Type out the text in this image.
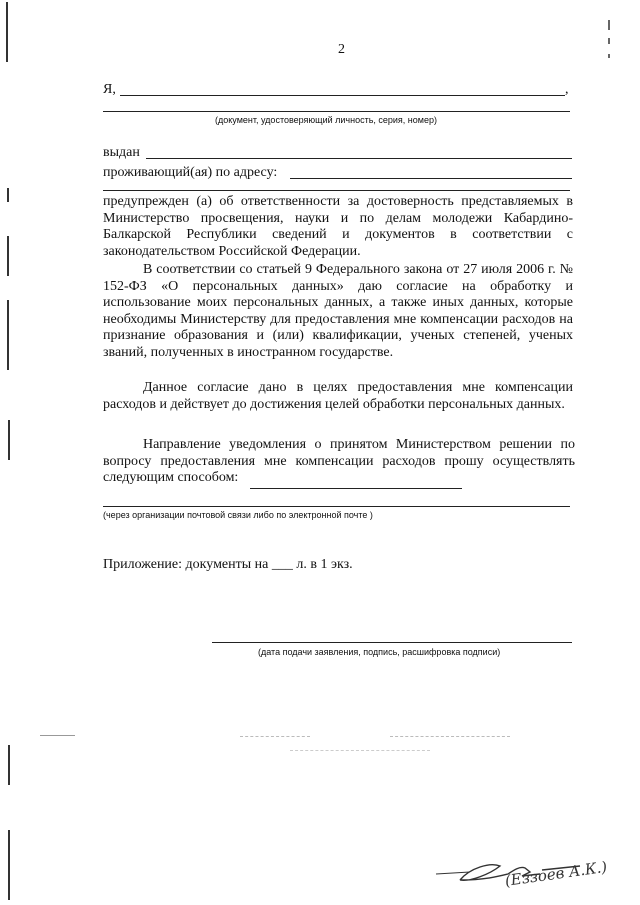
2
Я,	,
(документ, удостоверяющий личность, серия, номер)
выдан
проживающий(ая) по адресу:
предупрежден (а) об ответственности за достоверность представляемых в Министерство просвещения, науки и по делам молодежи Кабардино-Балкарской Республики сведений и документов в соответствии с законодательством Российской Федерации.
В соответствии со статьей 9 Федерального закона от 27 июля 2006 г. № 152-ФЗ «О персональных данных» даю согласие на обработку и использование моих персональных данных, а также иных данных, которые необходимы Министерству для предоставления мне компенсации расходов на признание образования и (или) квалификации, ученых степеней, ученых званий, полученных в иностранном государстве.
Данное согласие дано в целях предоставления мне компенсации расходов и действует до достижения целей обработки персональных данных.
Направление уведомления о принятом Министерством решении по вопросу предоставления мне компенсации расходов прошу осуществлять следующим способом:
(через организации почтовой связи либо по электронной почте )
Приложение: документы на ___ л. в 1 экз.
(дата подачи заявления, подпись, расшифровка подписи)
(Еззоев А.К.)
